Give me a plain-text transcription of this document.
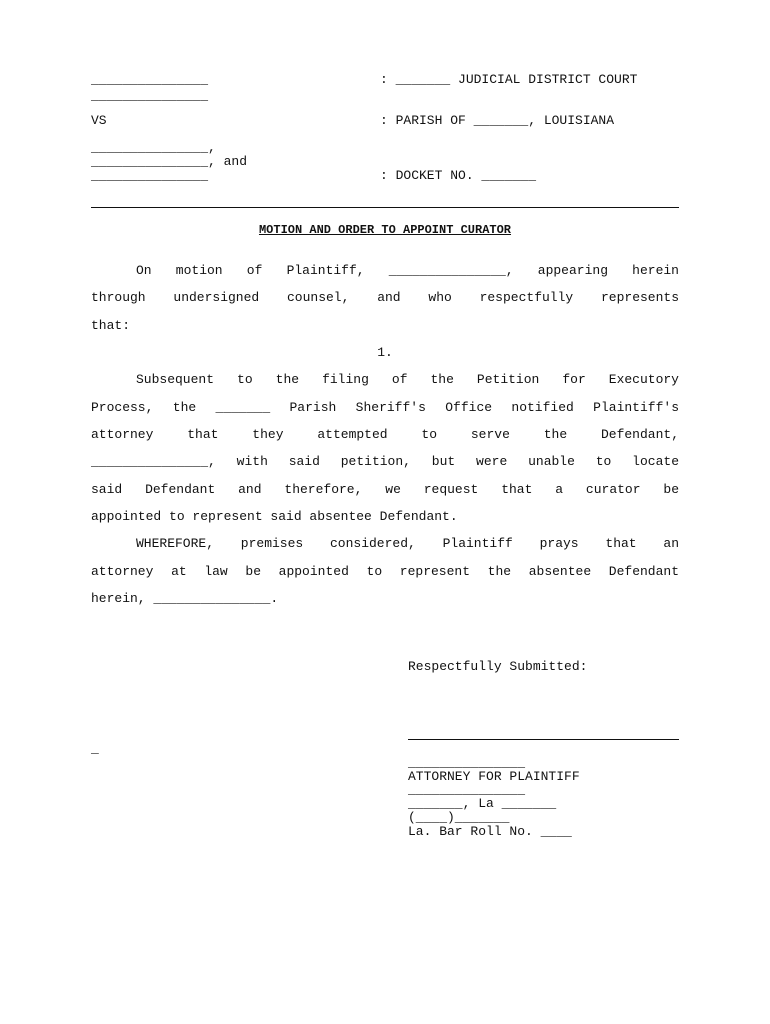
_______________
_______________
: _______ JUDICIAL DISTRICT COURT
VS	: PARISH OF _______, LOUISIANA
_______________,
_______________, and
_______________	: DOCKET NO. _______
MOTION AND ORDER TO APPOINT CURATOR
On motion of Plaintiff, _______________, appearing herein
through undersigned counsel, and who respectfully represents
that:
1.
Subsequent to the filing of the Petition for Executory
Process, the _______ Parish Sheriff's Office notified Plaintiff's
attorney that they attempted to serve the Defendant,
_______________, with said petition, but were unable to locate
said Defendant and therefore, we request that a curator be
appointed to represent said absentee Defendant.
WHEREFORE, premises considered, Plaintiff prays that an
attorney at law be appointed to represent the absentee Defendant
herein, _______________.
Respectfully Submitted:
_
_______________
ATTORNEY FOR PLAINTIFF
_______________
_______, La _______
(____)_______
La. Bar Roll No. ____
